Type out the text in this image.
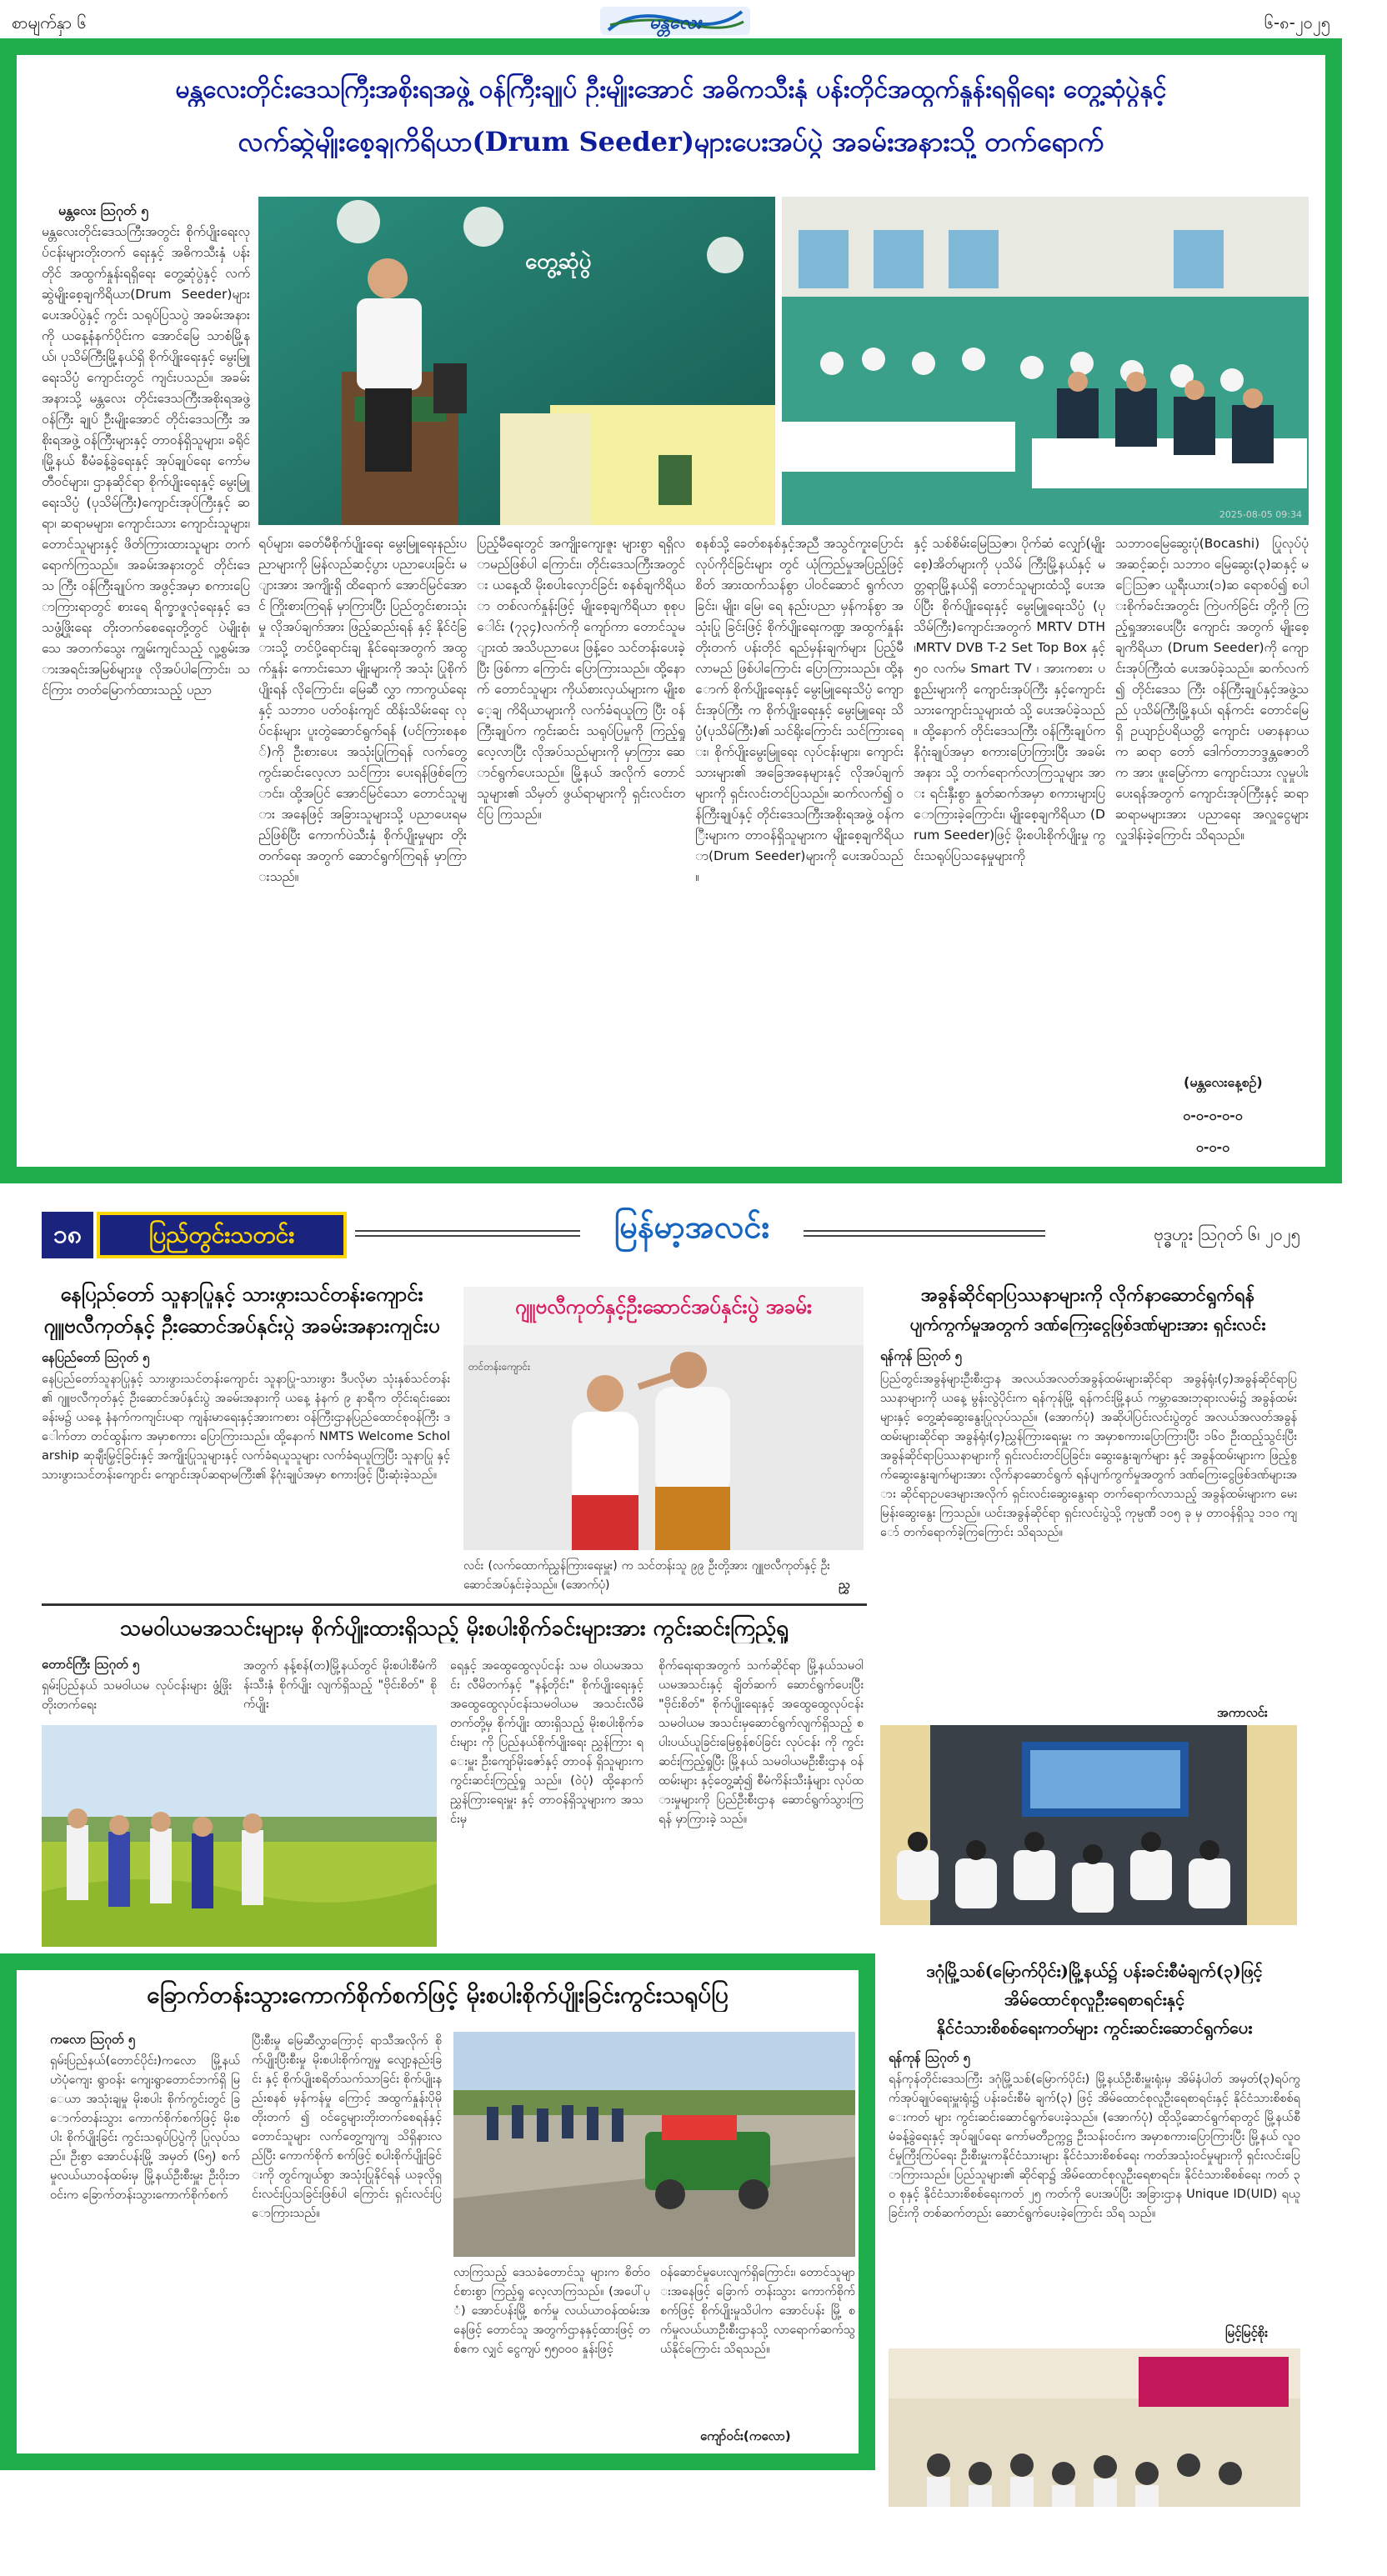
စာမျက်နှာ ၆	မန္တလေး	၆-၈-၂၀၂၅
မန္တလေးတိုင်းဒေသကြီးအစိုးရအဖွဲ့ ဝန်ကြီးချုပ် ဦးမျိုးအောင် အဓိကသီးနှံ ပန်းတိုင်အထွက်နှုန်းရရှိရေး တွေ့ဆုံပွဲနှင့်
လက်ဆွဲမျိုးစေ့ချကိရိယာ(Drum Seeder)များပေးအပ်ပွဲ အခမ်းအနားသို့ တက်ရောက်
မန္တလေး ဩဂုတ် ၅
မန္တလေးတိုင်းဒေသကြီးအတွင်း စိုက်ပျိုးရေးလုပ်ငန်းများတိုးတက် ရေးနှင့် အဓိကသီးနှံ ပန်းတိုင် အထွက်နှုန်းရရှိရေး တွေ့ဆုံပွဲနှင့် လက်ဆွဲမျိုးစေ့ချကိရိယာ(Drum Seeder)များပေးအပ်ပွဲနှင့် ကွင်း သရုပ်ပြသပွဲ အခမ်းအနားကို ယနေ့နံနက်ပိုင်းက အောင်မြေ သာစံမြို့နယ်၊ ပုသိမ်ကြီးမြို့နယ်ရှိ စိုက်ပျိုးရေးနှင့် မွေးမြူရေးသိပ္ပံ ကျောင်းတွင် ကျင်းပသည်။ အခမ်းအနားသို့ မန္တလေး တိုင်းဒေသကြီးအစိုးရအဖွဲ့ ဝန်ကြီး ချုပ် ဦးမျိုးအောင် တိုင်းဒေသကြီး အစိုးရအဖွဲ့ ဝန်ကြီးများနှင့် တာဝန်ရှိသူများ၊ ခရိုင်၊မြို့နယ် စီမံခန့်ခွဲရေးနှင့် အုပ်ချုပ်ရေး ကော်မတီဝင်များ၊ ဌာနဆိုင်ရာ စိုက်ပျိုးရေးနှင့် မွေးမြူရေးသိပ္ပံ (ပုသိမ်ကြီး)ကျောင်းအုပ်ကြီးနှင့် ဆရာ၊ ဆရာမများ၊ ကျောင်းသား ကျောင်းသူများ၊ တောင်သူများနှင့် ဖိတ်ကြားထားသူများ တက် ရောက်ကြသည်။ အခမ်းအနားတွင် တိုင်းဒေသ ကြီး ဝန်ကြီးချုပ်က အဖွင့်အမှာ စကားပြောကြားရာတွင် စားရေ ရိက္ခာဖူလုံရေးနှင့် ဒေသဖွံ့ဖြိုးရေး တိုးတက်စေရေးတို့တွင် ပဲမျိုးစုံ၊ သေ အတက်သွေး ကျွမ်းကျင်သည့် လူ့စွမ်းအားအရင်းအမြစ်များဖူ လိုအပ်ပါကြောင်း၊ သင်ကြား တတ်မြောက်ထားသည့် ပညာ
တွေ့ဆုံပွဲ
2025-08-05 09:34
ရပ်များ၊ ခေတ်မီစိုက်ပျိုးရေး မွေးမြူရေးနည်းပညာများကို မြန်လည်ဆင့်ပွား ပညာပေးခြင်း များအား အကျိုးရှိ ထိရောက် အောင်မြင်အောင် ကြိုးစားကြရန် မှာကြားပြီး ပြည်တွင်းစားသုံးမှု လိုအပ်ချက်အား ဖြည့်ဆည်းရန် နှင့် နိုင်ငံခြားသို့ တင်ပို့ရောင်းချ နိုင်ရေးအတွက် အထွက်နှုန်း ကောင်းသော မျိုးများကို အသုံး ပြုစိုက်ပျိုးရန် လိုကြောင်း၊ မြေဆီ လွှာ ကာကွယ်ရေးနှင့် သဘာဝ ပတ်ဝန်းကျင် ထိန်းသိမ်းရေး လုပ်ငန်းများ ပူးတွဲဆောင်ရွက်ရန် (ပင်ကြားစနစ်)ကို ဦးစားပေး အသုံးပြုကြရန် လက်တွေ့ ကွင်းဆင်းလေ့လာ သင်ကြား ပေးရန်ဖြစ်ကြောင်း၊ ထို့အပြင် အောင်မြင်သော တောင်သူများ အနေဖြင့် အခြားသူများသို့ ပညာပေးရမည်ဖြစ်ပြီး ကောက်ပဲသီးနှံ စိုက်ပျိုးမှုများ တိုးတက်ရေး အတွက် ဆောင်ရွက်ကြရန် မှာကြားသည်။
ပြည့်မီရေးတွင် အကျိုးကျေးဇူး များစွာ ရရှိလာမည်ဖြစ်ပါ ကြောင်း၊ တိုင်းဒေသကြီးအတွင်း ယနေ့ထိ မိုးစပါးလှောင်ခြင်း စနစ်ချကိရိယာ တစ်လက်နှုန်းဖြင့် မျိုးစေ့ချကိရိယာ စုစုပေါင်း (၇၃၄)လက်ကို ကျော်ကာ တောင်သူများထံ အသိပညာပေး ဖြန့်ဝေ သင်တန်းပေးခဲ့ပြီး ဖြစ်ကာ ကြောင်း ပြောကြားသည်။ ထို့နောက် တောင်သူများ ကိုယ်စားလှယ်များက မျိုးစေ့ချ ကိရိယာများကို လက်ခံရယူကြ ပြီး ဝန်ကြီးချုပ်က ကွင်းဆင်း သရုပ်ပြမှုကို ကြည့်ရှုလေ့လာပြီး လိုအပ်သည်များကို မှာကြား ဆောင်ရွက်ပေးသည်။ မြို့နယ် အလိုက် တောင်သူများ၏ သိမှတ် ဖွယ်ရာများကို ရှင်းလင်းတင်ပြ ကြသည်။
စနစ်သို့ ခေတ်စနစ်နှင့်အညီ အသွင်ကူးပြောင်းလုပ်ကိုင်ခြင်းများ တွင် ယုံကြည်မှုအပြည့်ဖြင့် စိတ် အားထက်သန်စွာ ပါဝင်ဆောင် ရွက်လာခြင်း၊ မျိုး၊ မြေ၊ ရေ နည်းပညာ မှန်ကန်စွာ အသုံးပြု ခြင်းဖြင့် စိုက်ပျိုးရေးကဏ္ဍ အထွက်နှုန်းတိုးတက် ပန်းတိုင် ရည်မှန်းချက်များ ပြည့်မီလာမည် ဖြစ်ပါကြောင်း ပြောကြားသည်။ ထို့နောက် စိုက်ပျိုးရေးနှင့် မွေးမြူရေးသိပ္ပံ ကျောင်းအုပ်ကြီး က စိုက်ပျိုးရေးနှင့် မွေးမြူရေး သိပ္ပံ(ပုသိမ်ကြီး)၏ သင်ရိုးကြောင်း သင်ကြားရေး၊ စိုက်ပျိုးမွေးမြူရေး လုပ်ငန်းများ၊ ကျောင်းသားများ၏ အခြေအနေများနှင့် လိုအပ်ချက် များကို ရှင်းလင်းတင်ပြသည်။ ဆက်လက်၍ ဝန်ကြီးချုပ်နှင့် တိုင်းဒေသကြီးအစိုးရအဖွဲ့ ဝန်ကြီးများက တာဝန်ရှိသူများက မျိုးစေ့ချကိရိယာ(Drum Seeder)များကို ပေးအပ်သည်။
နှင့် သစ်စိမ်းမြေသြဇာ၊ ပိုက်ဆံ လျှော်(မျိုးစေ့)အိတ်များကို ပုသိမ် ကြီးမြို့နယ်နှင့် မတ္တရာမြို့နယ်ရှိ တောင်သူများထံသို့ ပေးအပ်ပြီး စိုက်ပျိုးရေးနှင့် မွေးမြူရေးသိပ္ပံ (ပုသိမ်ကြီး)ကျောင်းအတွက် MRTV DTH ၊MRTV DVB T-2 Set Top Box နှင့် ၅၀ လက်မ Smart TV ၊ အားကစား ပစ္စည်းများကို ကျောင်းအုပ်ကြီး နှင့်ကျောင်းသားကျောင်းသူများထံ သို့ ပေးအပ်ခဲ့သည်။ ထို့နောက် တိုင်းဒေသကြီး ဝန်ကြီးချုပ်က နိဂုံးချုပ်အမှာ စကားပြောကြားပြီး အခမ်းအနား သို့ တက်ရောက်လာကြသူများ အား ရင်းနှီးစွာ နှုတ်ဆက်အမှာ စကားများပြောကြားခဲ့ကြောင်း၊ မျိုးစေ့ချကိရိယာ (Drum Seeder)ဖြင့် မိုးစပါးစိုက်ပျိုးမှု ကွင်းသရုပ်ပြသနေမှုများကို
သဘာဝမြေဆွေးပုံ(Bocashi) ပြုလုပ်ပုံအဆင့်ဆင့်၊ သဘာဝ မြေဆွေး(၃)ဆနှင့် မြေသြဇာ ယူရီးယား(၁)ဆ ရောစပ်၍ စပါးစိုက်ခင်းအတွင်း ကြဲပက်ခြင်း တို့ကို ကြည့်ရှုအားပေးပြီး ကျောင်း အတွက် မျိုးစေ့ချကိရိယာ (Drum Seeder)ကို ကျောင်းအုပ်ကြီးထံ ပေးအပ်ခဲ့သည်။ ဆက်လက်၍ တိုင်းဒေသ ကြီး ဝန်ကြီးချုပ်နှင့်အဖွဲ့သည် ပုသိမ်ကြီးမြို့နယ်၊ ရန်ကင်း တောင်မြေရှိ ဥယျာဉ်ပရိယတ္တိ ကျောင်း ပဓာနနာယက ဆရာ တော် ဒေါက်တာဘဒ္ဒန္တဇောတိက အား ဖူးမြော်ကာ ကျောင်းသား လူမှုပါးပေးရန်အတွက် ကျောင်းအုပ်ကြီးနှင့် ဆရာဆရာမများအား ပညာရေး အလှူငွေများ လှူဒါန်းခဲ့ကြောင်း သိရသည်။
(မန္တလေးနေ့စဉ်)
ဝ-ဝ-ဝ-ဝ-ဝ
ဝ-ဝ-ဝ
၁၈	ပြည်တွင်းသတင်း	မြန်မာ့အလင်း	ဗုဒ္ဓဟူး ဩဂုတ် ၆၊ ၂၀၂၅
နေပြည်တော် သူနာပြုနှင့် သားဖွားသင်တန်းကျောင်း
ဂျူဗလီကုတ်နှင့် ဦးဆောင်အပ်နှင်းပွဲ အခမ်းအနားကျင်းပ
နေပြည်တော် ဩဂုတ် ၅
နေပြည်တော်သူနာပြုနှင့် သားဖွားသင်တန်းကျောင်း သူနာပြု-သားဖွား ဒီပလိုမာ သုံးနှစ်သင်တန်း၏ ဂျူဗလီကုတ်နှင့် ဦးဆောင်အပ်နှင်းပွဲ အခမ်းအနားကို ယနေ့ နံနက် ၉ နာရီက တိုင်းရင်းဆေး ခန်းမ၌ ယနေ့ နံနက်ကကျင်းပရာ ကျန်းမာရေးနှင့်အားကစား ဝန်ကြီးဌာနပြည်ထောင်စုဝန်ကြီး ဒေါက်တာ တင်ထွန်းက အမှာစကား ပြောကြားသည်။ ထို့နောက် NMTS Welcome Scholarship ဆုချီးမြှင့်ခြင်းနှင့် အကျိုးပြုသူများနှင့် လက်ခံရယူသူများ လက်ခံရယူကြပြီး သူနာပြု နှင့် သားဖွားသင်တန်းကျောင်း ကျောင်းအုပ်ဆရာမကြီး၏ နိဂုံးချုပ်အမှာ စကားဖြင့် ပြီးဆုံးခဲ့သည်။
ဂျူဗလီကုတ်နှင့်ဦးဆောင်အပ်နှင်းပွဲ အခမ်း
တင်တန်းကျောင်း
လင်း (လက်ထောက်ညွှန်ကြားရေးမှူး) က သင်တန်းသူ ၉၉ ဦးတို့အား ဂျူဗလီကုတ်နှင့် ဦးဆောင်အပ်နှင်းခဲ့သည်။ (အောက်ပုံ)	ညွှ
အခွန်ဆိုင်ရာပြဿနာများကို လိုက်နာဆောင်ရွက်ရန်
ပျက်ကွက်မှုအတွက် ဒဏ်ကြေးငွေဖြစ်ဒဏ်များအား ရှင်းလင်း
ရန်ကုန် ဩဂုတ် ၅
ပြည်တွင်းအခွန်များဦးစီးဌာန အလယ်အလတ်အခွန်ထမ်းများဆိုင်ရာ အခွန်ရုံး(၄)အခွန်ဆိုင်ရာပြဿနာများကို ယနေ့ မွန်းလွဲပိုင်းက ရန်ကုန်မြို့ ရန်ကင်းမြို့နယ် ကမ္ဘာအေးဘုရားလမ်း၌ အခွန်ထမ်းများနှင့် တွေ့ဆုံဆွေးနွေးပြုလုပ်သည်။ (အောက်ပုံ) အဆိုပါပြင်းလင်းပွဲတွင် အလယ်အလတ်အခွန်ထမ်းများဆိုင်ရာ အခွန်ရုံး(၄)ညွှန်ကြားရေးမှူး က အမှာစကားပြောကြားပြီး ၁၆ဝ ဦးထည့်သွင်းပြီး အခွန်ဆိုင်ရာပြဿနာများကို ရှင်းလင်းတင်ပြခြင်း၊ ဆွေးနွေးချက်များ နှင့် အခွန်ထမ်းများက ဖြည့်စွက်ဆွေးနွေးချက်များအား လိုက်နာဆောင်ရွက် ရန်ပျက်ကွက်မှုအတွက် ဒဏ်ကြေးငွေဖြစ်ဒဏ်များအား ဆိုင်ရာဥပဒေများအလိုက် ရှင်းလင်းဆွေးနွေးရာ တက်ရောက်လာသည့် အခွန်ထမ်းများက မေးမြန်းဆွေးနွေး ကြသည်။ ယင်းအခွန်ဆိုင်ရာ ရှင်းလင်းပွဲသို့ ကုမ္ပဏီ ၁၀၅ ခု မှ တာဝန်ရှိသူ ၁၁၀ ကျော် တက်ရောက်ခဲ့ကြကြောင်း သိရသည်။
အကာလင်း
သမဝါယမအသင်းများမှ စိုက်ပျိုးထားရှိသည့် မိုးစပါးစိုက်ခင်းများအား ကွင်းဆင်းကြည့်ရှု
တောင်ကြီး ဩဂုတ် ၅
ရှမ်းပြည်နယ် သမဝါယမ လုပ်ငန်းများ ဖွံ့ဖြိုးတိုးတက်ရေး
အတွက် နန့်စန်(တ)မြို့နယ်တွင် မိုးစပါးစီမံကိန်းသီးနှံ စိုက်ပျိုး လျက်ရှိသည့် "ဗိုင်းစိတ်" စိုက်ပျိုး
ရေနှင့် အထွေထွေလုပ်ငန်း သမ ဝါယမအသင်း လီမိတက်နှင့် "နန့်တိုင်း" စိုက်ပျိုးရေးနှင့် အထွေထွေလုပ်ငန်းသမဝါယမ အသင်းလီမိတက်တို့မှ စိုက်ပျိုး ထားရှိသည့် မိုးစပါးစိုက်ခင်းများ ကို ပြည်နယ်စိုက်ပျိုးရေး ညွှန်ကြား ရေးမှူး ဦးကျော်မိုးဇော်နှင့် တာဝန် ရှိသူများက ကွင်းဆင်းကြည့်ရှု သည်။ (ဝဲပုံ) ထို့နောက် ညွှန်ကြားရေးမှူး နှင့် တာဝန်ရှိသူများက အသင်းမှ
စိုက်ရေးရာအတွက် သက်ဆိုင်ရာ မြို့နယ်သမဝါယမအသင်းနှင့် ချိတ်ဆက် ဆောင်ရွက်ပေးပြီး "ဗိုင်းစိတ်" စိုက်ပျိုးရေးနှင့် အထွေထွေလုပ်ငန်း သမဝါယမ အသင်းမှဆောင်ရွက်လျက်ရှိသည့် စပါးပယ်ယူခြင်းမြေစွန်စပ်ခြင်း လုပ်ငန်း ကို ကွင်းဆင်းကြည့်ရှုပြီး မြို့နယ် သမဝါယမဦးစီးဌာန ဝန်ထမ်းများ နှင့်တွေ့ဆုံ၍ စီမံကိန်းသီးနှံများ လုပ်ထားမှုများကို ပြည်ဦးစီးဌာန ဆောင်ရွက်သွားကြရန် မှာကြားခဲ့ သည်။
ခြောက်တန်းသွားကောက်စိုက်စက်ဖြင့် မိုးစပါးစိုက်ပျိုးခြင်းကွင်းသရုပ်ပြ
ကလော ဩဂုတ် ၅
ရှမ်းပြည်နယ်(တောင်ပိုင်း)ကလော မြို့နယ် ဟဲပုံကျေး ရွာဝန်း ကျေးရွာတောင်ဘက်ရှိ မြေယာ အသုံးချမှု မိုးစပါး စိုက်ကွင်းတွင် ခြောက်တန်းသွား ကောက်စိုက်စက်ဖြင့် မိုးစပါး စိုက်ပျိုးခြင်း ကွင်းသရုပ်ပြပွဲကို ပြုလုပ်သည်။ ဦးစွာ အောင်ပန်းမြို့ အမှတ် (၆၅) စက်မှုလယ်ယာဝန်ထမ်းမှ မြို့နယ်ဦးစီးမှူး ဦးဝိုးဘဝင်းက ခြောက်တန်းသွားကောက်စိုက်စက်
ပြီးစီးမှု မြေဆီလွှာကြောင့် ရာသီအလိုက် စိုက်ပျိုးပြီးစီးမှု မိုးစပါးစိုက်ကျမှု လျော့နည်းခြင်း နှင့် စိုက်ပျိုးစရိတ်သက်သာခြင်း စိုက်ပျိုးနည်းစနစ် မှန်ကန်မှု ကြောင့် အထွက်နှုန်းပိုမိုတိုးတက် ၍ ဝင်ငွေများတိုးတက်စေရန်နှင့် တောင်သူများ လက်တွေ့ကျကျ သိရှိနားလည်ပြီး ကောက်စိုက် စက်ဖြင့် စပါးစိုက်ပျိုးခြင်းကို တွင်ကျယ်စွာ အသုံးပြုနိုင်ရန် ယခုလိုရှင်းလင်းပြသခြင်းဖြစ်ပါ ကြောင်း ရှင်းလင်းပြောကြားသည်။
လာကြသည့် ဒေသခံတောင်သူ များက စိတ်ဝင်စားစွာ ကြည့်ရှု လေ့လာကြသည်။ (အပေါ်ပုံ) အောင်ပန်းမြို့ စက်မှု လယ်ယာဝန်ထမ်းအနေဖြင့် တောင်သူ အတွက်ဌာနနှင့်ထားဖြင့် တစ်ဧက လျှင် ငွေကျပ် ၅၅၀၀၀ နှုန်းဖြင့်
ဝန်ဆောင်မှုပေးလျက်ရှိကြောင်း၊ တောင်သူများအနေဖြင့် ခြောက် တန်းသွား ကောက်စိုက်စက်ဖြင့် စိုက်ပျိုးမှုသိပါက အောင်ပန်း မြို့ စက်မှုလယ်ယာဦးစီးဌာနသို့ လာရောက်ဆက်သွယ်နိုင်ကြောင်း သိရသည်။
ကျော်ဝင်း(ကလော)
ဒဂုံမြို့သစ်(မြောက်ပိုင်း)မြို့နယ်၌ ပန်းခင်းစီမံချက်(၃)ဖြင့်
အိမ်ထောင်စုလူဦးရေစာရင်းနှင့်
နိုင်ငံသားစိစစ်ရေးကတ်များ ကွင်းဆင်းဆောင်ရွက်ပေး
ရန်ကုန် ဩဂုတ် ၅
ရန်ကုန်တိုင်းဒေသကြီး ဒဂုံမြို့သစ်(မြောက်ပိုင်း) မြို့နယ်ဦးစီးမှူးရုံးမှ အိမ်နံပါတ် အမှတ်(၃)ရပ်ကွက်အုပ်ချုပ်ရေးမှူးရုံး၌ ပန်းခင်းစီမံ ချက်(၃) ဖြင့် အိမ်ထောင်စုလူဦးရေစာရင်းနှင့် နိုင်ငံသားစိစစ်ရေးကတ် များ ကွင်းဆင်းဆောင်ရွက်ပေးခဲ့သည်။ (အောက်ပုံ) ထိုသို့ဆောင်ရွက်ရာတွင် မြို့နယ်စီမံခန့်ခွဲရေးနှင့် အုပ်ချုပ်ရေး ကော်မတီဥက္ကဋ္ဌ ဦးသန်းဝင်းက အမှာစကားပြောကြားပြီး မြို့နယ် လူဝင်မှုကြီးကြပ်ရေး ဦးစီးမှူးကနိုင်ငံသားများ နိုင်ငံသားစိစစ်ရေး ကတ်အသုံးဝင်မှုများကို ရှင်းလင်းပြောကြားသည်။ ပြည်သူများ၏ ဆိုင်ရာ၌ အိမ်ထောင်စုလူဦးရေစာရင်း၊ နိုင်ငံသားစိစစ်ရေး ကတ် ၃၀ စုနှင့် နိုင်ငံသားစိစစ်ရေးကတ် ၂၅ ကတ်ကို ပေးအပ်ပြီး အခြားဌာန Unique ID(UID) ရယူခြင်းကို တစ်ဆက်တည်း ဆောင်ရွက်ပေးခဲ့ကြောင်း သိရ သည်။
မြင့်မြင့်စိုး
